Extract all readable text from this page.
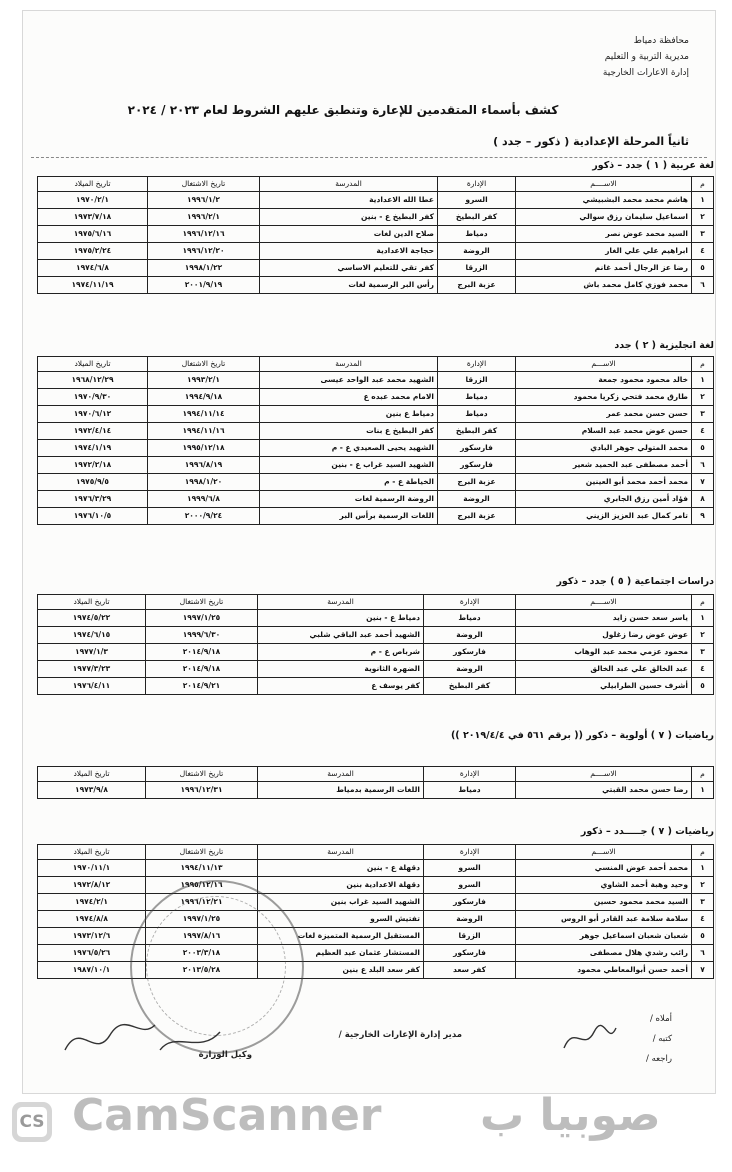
محافظة دمياط
مديرية التربية و التعليم
إدارة الاعارات الخارجية
كشف بأسماء المتقدمين للإعارة وتنطبق عليهم الشروط لعام ٢٠٢٣ / ٢٠٢٤
ثانياً المرحلة الإعدادية ( ذكور – جدد )
لغة عربية ( ١ ) جدد – ذكور
م	الاســــم	الإدارة	المدرسة	تاريخ الاشتغال	تاريخ الميلاد
١	هاشم محمد محمد البشبيشي	السرو	عطا الله الاعدادية	١٩٩٦/١/٢	١٩٧٠/٢/١
٢	اسماعيل سليمان رزق سوالي	كفر البطيخ	كفر البطيخ ع - بنين	١٩٩٦/٢/١	١٩٧٣/٧/١٨
٣	السيد محمد عوض نصر	دمياط	صلاح الدين لغات	١٩٩٦/١٢/١٦	١٩٧٥/٦/١٦
٤	ابراهيم علي علي الغار	الروضة	حجاجة الاعدادية	١٩٩٦/١٢/٢٠	١٩٧٥/٢/٢٤
٥	رضا عز الرجال أحمد غانم	الزرقا	كفر تقي للتعليم الاساسي	١٩٩٨/١/٢٢	١٩٧٤/٦/٨
٦	محمد فوزي كامل محمد باش	عزبة البرج	رأس البر الرسمية لغات	٢٠٠١/٩/١٩	١٩٧٤/١١/١٩
لغة انجليزية ( ٢ ) جدد
م	الاســـم	الإدارة	المدرسة	تاريخ الاشتغال	تاريخ الميلاد
١	خالد محمود محمود جمعة	الزرقا	الشهيد محمد عبد الواحد عيسى	١٩٩٣/٢/١	١٩٦٨/١٢/٢٩
٢	طارق محمد فتحي زكريا محمود	دمياط	الامام محمد عبده ع	١٩٩٤/٩/١٨	١٩٧٠/٩/٣٠
٣	حسن حسن محمد عمر	دمياط	دمياط ع بنين	١٩٩٤/١١/١٤	١٩٧٠/٦/١٢
٤	حسن عوض محمد عبد السلام	كفر البطيخ	كفر البطيخ ع بنات	١٩٩٤/١١/١٦	١٩٧٢/٤/١٤
٥	محمد المتولي جوهر البادي	فارسكور	الشهيد يحيى الصعيدي ع - م	١٩٩٥/١٢/١٨	١٩٧٤/١/١٩
٦	أحمد مصطفى عبد الحميد شعير	فارسكور	الشهيد السيد غراب ع - بنين	١٩٩٦/٨/١٩	١٩٧٢/٢/١٨
٧	محمد أحمد محمد أبو العينين	عزبة البرج	الخياطة ع - م	١٩٩٨/١/٢٠	١٩٧٥/٩/٥
٨	فؤاد أمين رزق الجابري	الروضة	الروضة الرسمية لغات	١٩٩٩/٦/٨	١٩٧٦/٣/٢٩
٩	تامر كمال عبد العزيز الزيني	عزبة البرج	اللغات الرسمية برأس البر	٢٠٠٠/٩/٢٤	١٩٧٦/١٠/٥
دراسات اجتماعية ( ٥ ) جدد – ذكور
م	الاســــم	الإدارة	المدرسة	تاريخ الاشتغال	تاريخ الميلاد
١	ياسر سعد حسن زايد	دمياط	دمياط ع - بنين	١٩٩٧/١/٢٥	١٩٧٤/٥/٢٢
٢	عوض عوض رضا زغلول	الروضة	الشهيد أحمد عبد الباقي شلبي	١٩٩٩/٦/٣٠	١٩٧٤/٦/١٥
٣	محمود عزمي محمد عبد الوهاب	فارسكور	شرباص ع - م	٢٠١٤/٩/١٨	١٩٧٧/١/٣
٤	عبد الخالق علي عبد الخالق	الروضة	الضهرة الثانوية	٢٠١٤/٩/١٨	١٩٧٧/٣/٢٣
٥	أشرف حسين الطرابيلي	كفر البطيخ	كفر يوسف ع	٢٠١٤/٩/٢١	١٩٧٦/٤/١١
رياضيات ( ٧ ) أولوية – ذكور (( برقم ٥٦١ في ٢٠١٩/٤/٤ ))
م	الاســــم	الإدارة	المدرسة	تاريخ الاشتغال	تاريخ الميلاد
١	رضا حسن محمد القبتي	دمياط	اللغات الرسمية بدمياط	١٩٩٦/١٢/٣١	١٩٧٣/٩/٨
رياضيات ( ٧ ) جـــــدد – ذكور
م	الاســـم	الإدارة	المدرسة	تاريخ الاشتغال	تاريخ الميلاد
١	محمد أحمد عوض المنسي	السرو	دقهلة ع - بنين	١٩٩٤/١١/١٣	١٩٧٠/١١/١
٢	وحيد وهبة أحمد الشاوي	السرو	دقهلة الاعدادية بنين	١٩٩٥/١٢/١٦	١٩٧٢/٨/١٢
٣	السيد محمد محمود حسين	فارسكور	الشهيد السيد غراب بنين	١٩٩٦/١٢/٢١	١٩٧٤/٢/١
٤	سلامة سلامة عبد القادر أبو الروس	الروضة	تفتيش السرو	١٩٩٧/١/٢٥	١٩٧٤/٨/٨
٥	شعبان شعبان اسماعيل جوهر	الزرقا	المستقبل الرسمية المتميزة لغات	١٩٩٧/٨/١٦	١٩٧٣/١٢/٦
٦	رائب رشدي هلال مصطفى	فارسكور	المستشار عثمان عبد العظيم	٢٠٠٣/٣/١٨	١٩٧٦/٥/٢٦
٧	أحمد حسن أبوالمعاطي محمود	كفر سعد	كفر سعد البلد ع بنين	٢٠١٣/٥/٢٨	١٩٨٧/١٠/١
أملاه /
كتبه /
راجعه /
مدير إدارة الإعارات الخارجية /
وكيل الوزارة
CS CamScanner صوبيا ب
